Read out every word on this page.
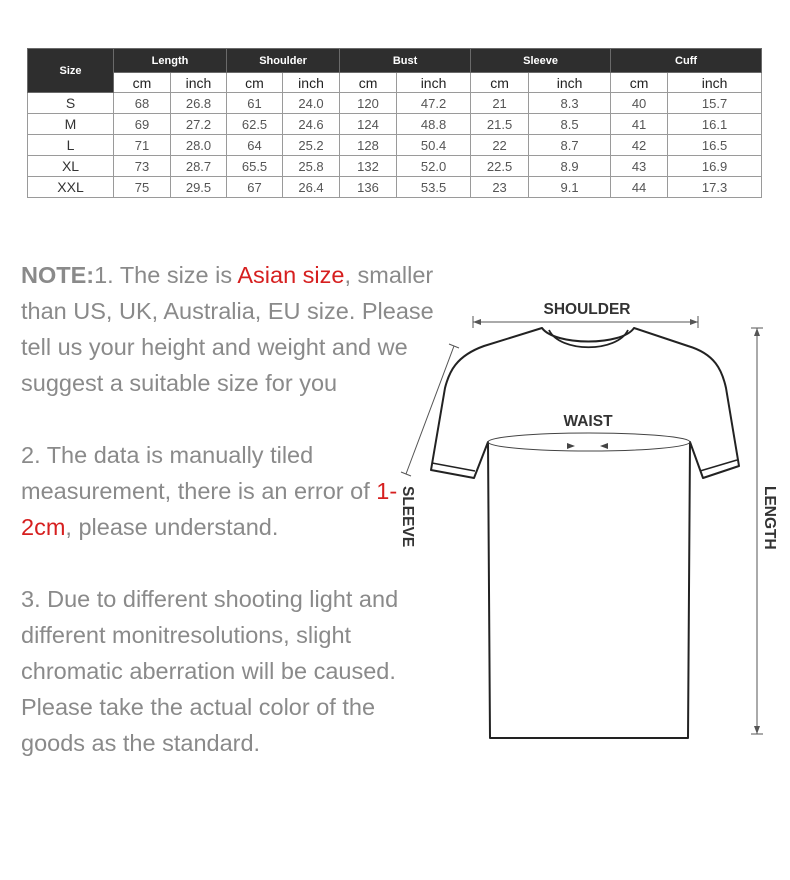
Size	Length		Shoulder		Bust		Sleeve		Cuff	
	cm	inch	cm	inch	cm	inch	cm	inch	cm	inch
S	68	26.8	61	24.0	120	47.2	21	8.3	40	15.7
M	69	27.2	62.5	24.6	124	48.8	21.5	8.5	41	16.1
L	71	28.0	64	25.2	128	50.4	22	8.7	42	16.5
XL	73	28.7	65.5	25.8	132	52.0	22.5	8.9	43	16.9
XXL	75	29.5	67	26.4	136	53.5	23	9.1	44	17.3

NOTE:1. The size is Asian size, smaller than US, UK, Australia, EU size. Please tell us your height and weight and we suggest a suitable size for you

2. The data is manually tiled measurement, there is an error of 1-2cm, please understand.

3. Due to different shooting light and different monitresolutions, slight chromatic aberration will be caused. Please take the actual color of the goods as the standard.

SHOULDER
WAIST
SLEEVE	LENGTH
